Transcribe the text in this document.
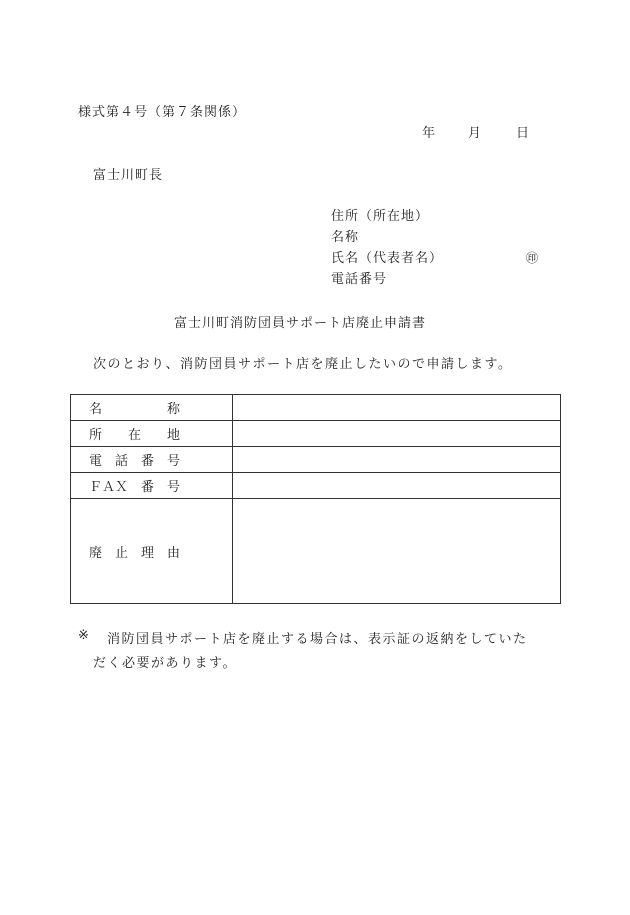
様式第４号（第７条関係）
年	月	日
富士川町長
住所（所在地）
名称
氏名（代表者名）
電話番号
㊞
富士川町消防団員サポート店廃止申請書
次のとおり、消防団員サポート店を廃止したいので申請します。
名　　　　　称	
所　　在　　地	
電　話　番　号	
ＦＡＸ　番　号	
廃　止　理　由	
※ 消防団員サポート店を廃止する場合は、表示証の返納をしていた
だく必要があります。
